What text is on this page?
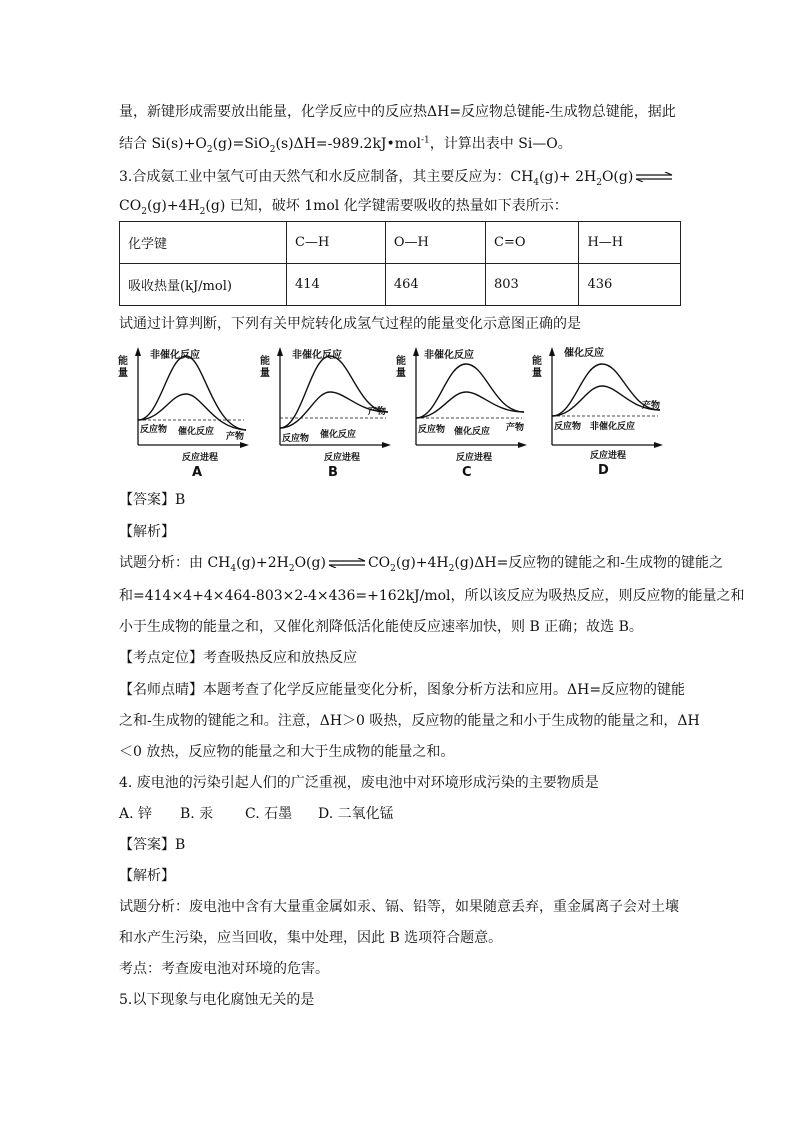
量，新键形成需要放出能量，化学反应中的反应热ΔH=反应物总键能-生成物总键能，据此
结合 $Si(s)+O_2(g)=SiO_2(s)\Delta H=-989.2kJ•mol^{-1}$，计算出表中 Si—O。
3.合成氨工业中氢气可由天然气和水反应制备，其主要反应为：$CH_4(g)+ 2H_2O(g)$ ⇌
$CO_2(g)+4H_2(g)$ 已知，破坏 1mol 化学键需要吸收的热量如下表所示：
化学键	C—H	O—H	C=O	H—H
吸收热量(kJ/mol)	414	464	803	436
试通过计算判断，下列有关甲烷转化成氢气过程的能量变化示意图正确的是
能
量
非催化反应
反应物 催化反应 产物
反应进程
A
能
量
非催化反应
反应物 催化反应
产物
反应进程
B
能
量
非催化反应
反应物 催化反应 产物
反应进程
C
能
量
催化反应
反应物 非催化反应
产物
反应进程
D
【答案】B
【解析】
试题分析：由 $CH_4(g)+2H_2O(g)$ ⇌ $CO_2(g)+4H_2(g)\Delta H=$反应物的键能之和-生成物的键能之
和=414×4+4×464-803×2-4×436=+162kJ/mol，所以该反应为吸热反应，则反应物的能量之和
小于生成物的能量之和，又催化剂降低活化能使反应速率加快，则 B 正确；故选 B。
【考点定位】考查吸热反应和放热反应
【名师点晴】本题考查了化学反应能量变化分析，图象分析方法和应用。ΔH=反应物的键能
之和-生成物的键能之和。注意，ΔH＞0 吸热，反应物的能量之和小于生成物的能量之和，ΔH
＜0 放热，反应物的能量之和大于生成物的能量之和。
4. 废电池的污染引起人们的广泛重视，废电池中对环境形成污染的主要物质是
A. 锌 B. 汞 C. 石墨 D. 二氧化锰
【答案】B
【解析】
试题分析：废电池中含有大量重金属如汞、镉、铅等，如果随意丢弃，重金属离子会对土壤
和水产生污染，应当回收，集中处理，因此 B 选项符合题意。
考点：考查废电池对环境的危害。
5.以下现象与电化腐蚀无关的是
